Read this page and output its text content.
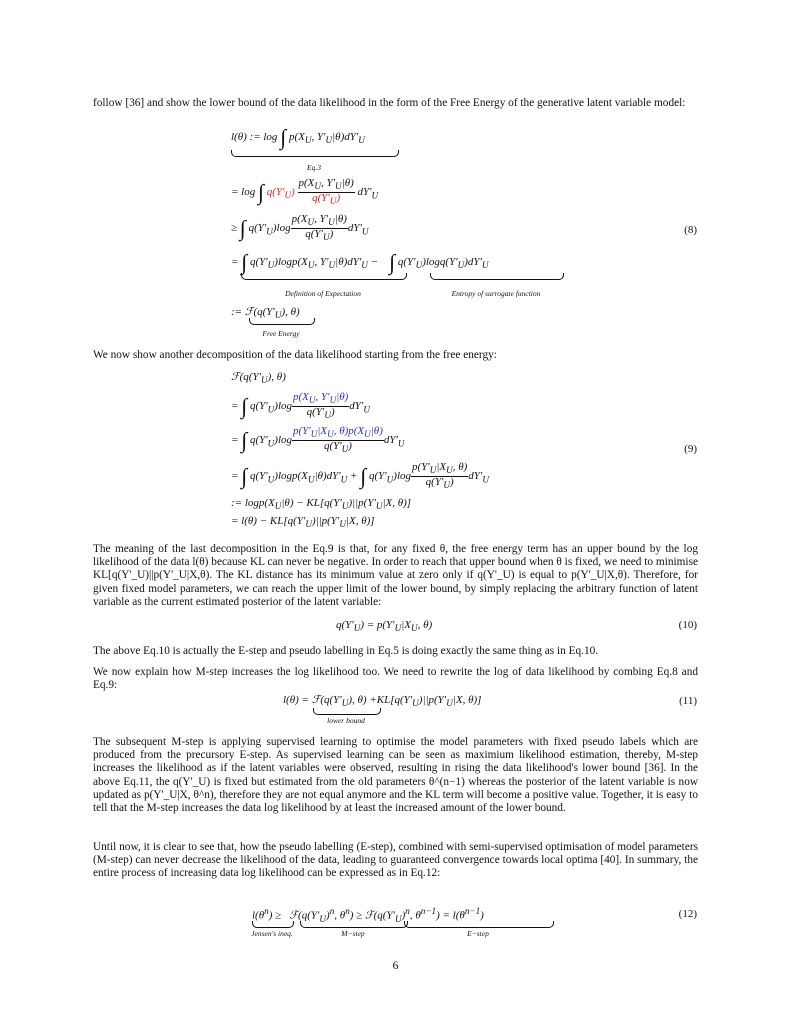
follow [36] and show the lower bound of the data likelihood in the form of the Free Energy of the generative latent variable model:

l(θ) := log ∫ $p(X_U$, $Y'_U|\theta)dY'_U$
Eq.3
= log ∫ $q(Y'_U) \frac{p(X_U, Y'_U|\theta)}{q(Y'_U)} dY'_U$
≥ ∫ $q(Y'_U)\log \frac{p(X_U, Y'_U|\theta)}{q(Y'_U)} dY'_U$	(8)
= ∫ $q(Y'_U)\log p(X_U$, $Y'_U|\theta)dY'_U$ −    ∫ $q(Y'_U)\log q(Y'_U)dY'_U$
Definition of Expectation	Entropy of surrogate function
:= $ℱ(q(Y'_U)$, θ)
Free Energy

We now show another decomposition of the data likelihood starting from the free energy:

$ℱ(q(Y'_U)$, θ)
= ∫ $q(Y'_U)\log \frac{p(X_U, Y'_U|\theta)}{q(Y'_U)} dY'_U$
= ∫ $q(Y'_U)\log \frac{p(Y'_U|X_U, \theta)p(X_U|\theta)}{q(Y'_U)} dY'_U$	(9)
= ∫ $q(Y'_U)\log p(X_U|\theta)dY'_U$ + ∫ $q(Y'_U)\log \frac{p(Y'_U|X_U, \theta)}{q(Y'_U)} dY'_U$
:= $\log p(X_U|\theta) - KL[q(Y'_U)||p(Y'_U|X$, θ)]
= $l(\theta) - KL[q(Y'_U)||p(Y'_U|X$, θ)]

The meaning of the last decomposition in the Eq.9 is that, for any fixed θ, the free energy term has an upper bound by the log likelihood of the data l(θ) because KL can never be negative. In order to reach that upper bound when θ is fixed, we need to minimise KL[q(Y'_U)||p(Y'_U|X,θ). The KL distance has its minimum value at zero only if q(Y'_U) is equal to p(Y'_U|X,θ). Therefore, for given fixed model parameters, we can reach the upper limit of the lower bound, by simply replacing the arbitrary function of latent variable as the current estimated posterior of the latent variable:

$q(Y'_U) = p(Y'_U|X_U$, θ)	(10)

The above Eq.10 is actually the E-step and pseudo labelling in Eq.5 is doing exactly the same thing as in Eq.10.

We now explain how M-step increases the log likelihood too. We need to rewrite the log of data likelihood by combing Eq.8 and Eq.9:

$l(\theta) = ℱ(q(Y'_U)$, $\theta) +KL[q(Y'_U)||p(Y'_U|X$, θ)]
lower bound
(11)

The subsequent M-step is applying supervised learning to optimise the model parameters with fixed pseudo labels which are produced from the precursory E-step. As supervised learning can be seen as maximium likelihood estimation, thereby, M-step increases the likelihood as if the latent variables were observed, resulting in rising the data likelihood's lower bound [36]. In the above Eq.11, the q(Y'_U) is fixed but estimated from the old parameters θ^(n−1) whereas the posterior of the latent variable is now updated as p(Y'_U|X, θ^n), therefore they are not equal anymore and the KL term will become a positive value. Together, it is easy to tell that the M-step increases the data log likelihood by at least the increased amount of the lower bound.

Until now, it is clear to see that, how the pseudo labelling (E-step), combined with semi-supervised optimisation of model parameters (M-step) can never decrease the likelihood of the data, leading to guaranteed convergence towards local optima [40]. In summary, the entire process of increasing data log likelihood can be expressed as in Eq.12:

$l(\theta^n)$ ≥   $ℱ(q(Y'_U)^n$, $\theta^n$) ≥ $ℱ(q(Y'_U)^n$, $\theta^{n-1}) = l(\theta^{n-1})$
Jensen's ineq.	M−step	E−step
(12)
6
